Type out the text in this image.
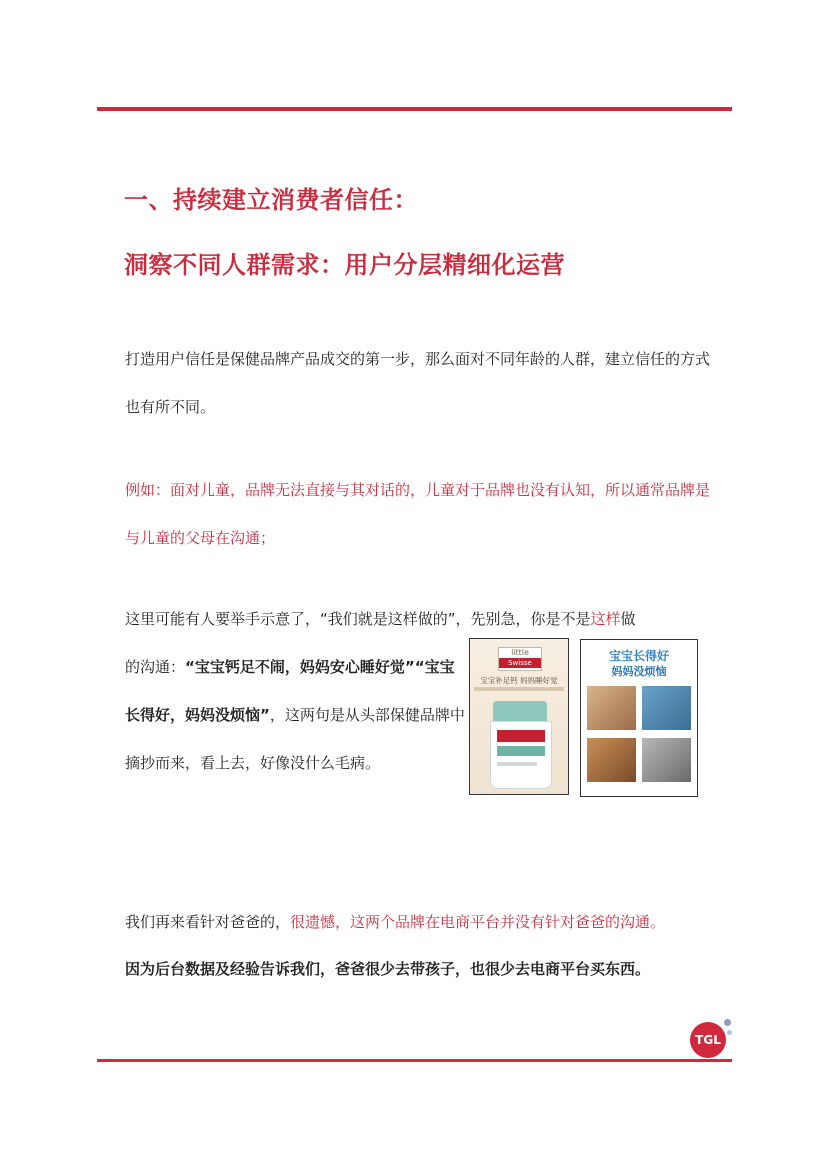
一、持续建立消费者信任：
洞察不同人群需求：用户分层精细化运营

打造用户信任是保健品牌产品成交的第一步，那么面对不同年龄的人群，建立信任的方式也有所不同。

例如：面对儿童，品牌无法直接与其对话的，儿童对于品牌也没有认知，所以通常品牌是与儿童的父母在沟通；

这里可能有人要举手示意了，“我们就是这样做的”，先别急，你是不是这样做
的沟通：“宝宝钙足不闹，妈妈安心睡好觉”“宝宝长得好，妈妈没烦恼”，这两句是从头部保健品牌中摘抄而来，看上去，好像没什么毛病。

little
Swisse
宝宝补足钙 妈妈睡好觉
宝宝长得好
妈妈没烦恼

我们再来看针对爸爸的，很遗憾，这两个品牌在电商平台并没有针对爸爸的沟通。

因为后台数据及经验告诉我们，爸爸很少去带孩子，也很少去电商平台买东西。

TGL
